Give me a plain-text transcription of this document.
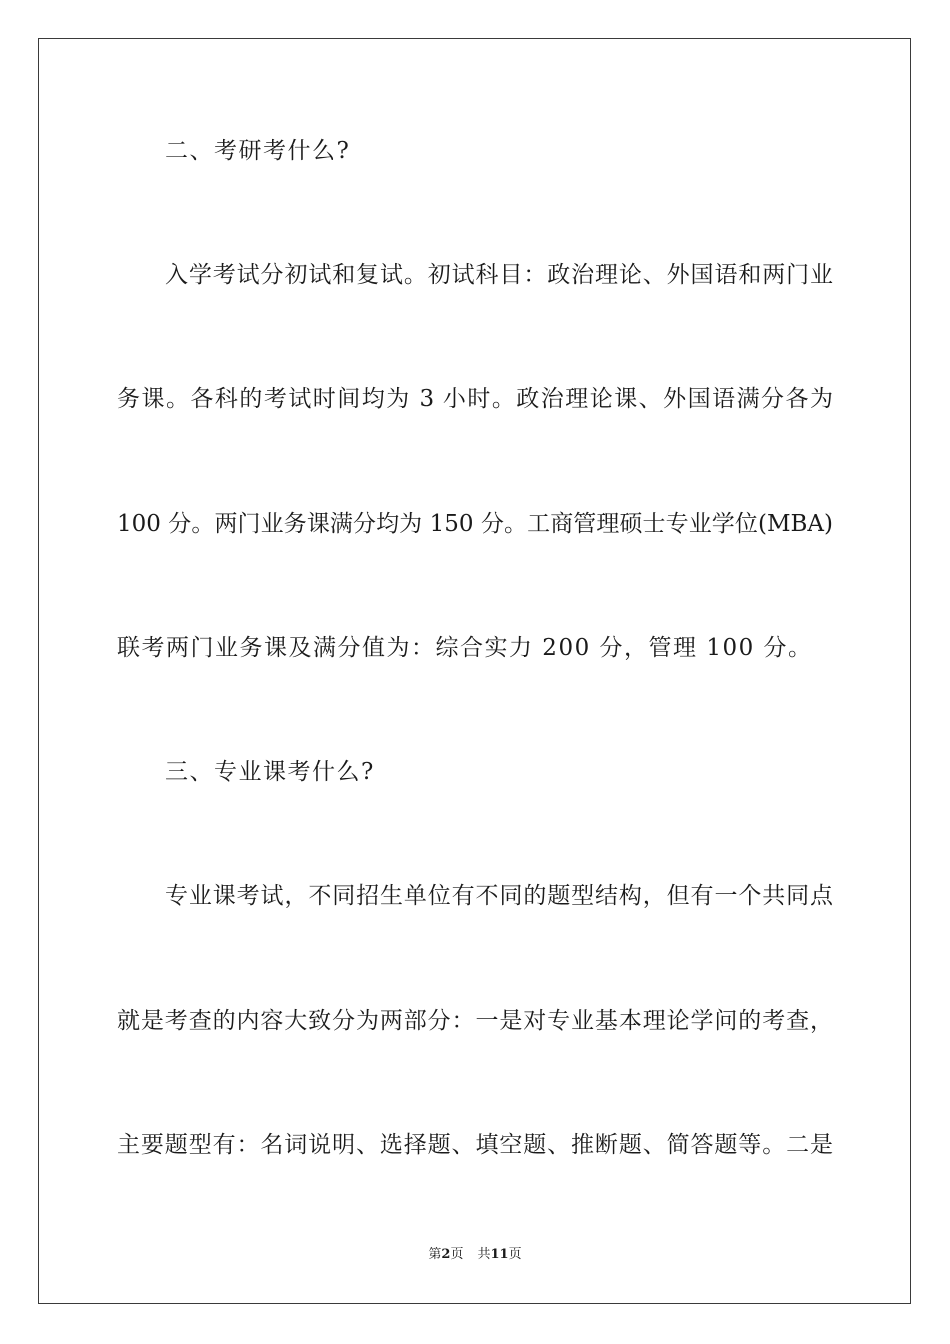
二、考研考什么?
入学考试分初试和复试。初试科目：政治理论、外国语和两门业
务课。各科的考试时间均为 3 小时。政治理论课、外国语满分各为
100 分。两门业务课满分均为 150 分。工商管理硕士专业学位(MBA)
联考两门业务课及满分值为：综合实力 200 分，管理 100 分。
三、专业课考什么?
专业课考试，不同招生单位有不同的题型结构，但有一个共同点
就是考查的内容大致分为两部分：一是对专业基本理论学问的考查，
主要题型有：名词说明、选择题、填空题、推断题、简答题等。二是
第2页 共11页
